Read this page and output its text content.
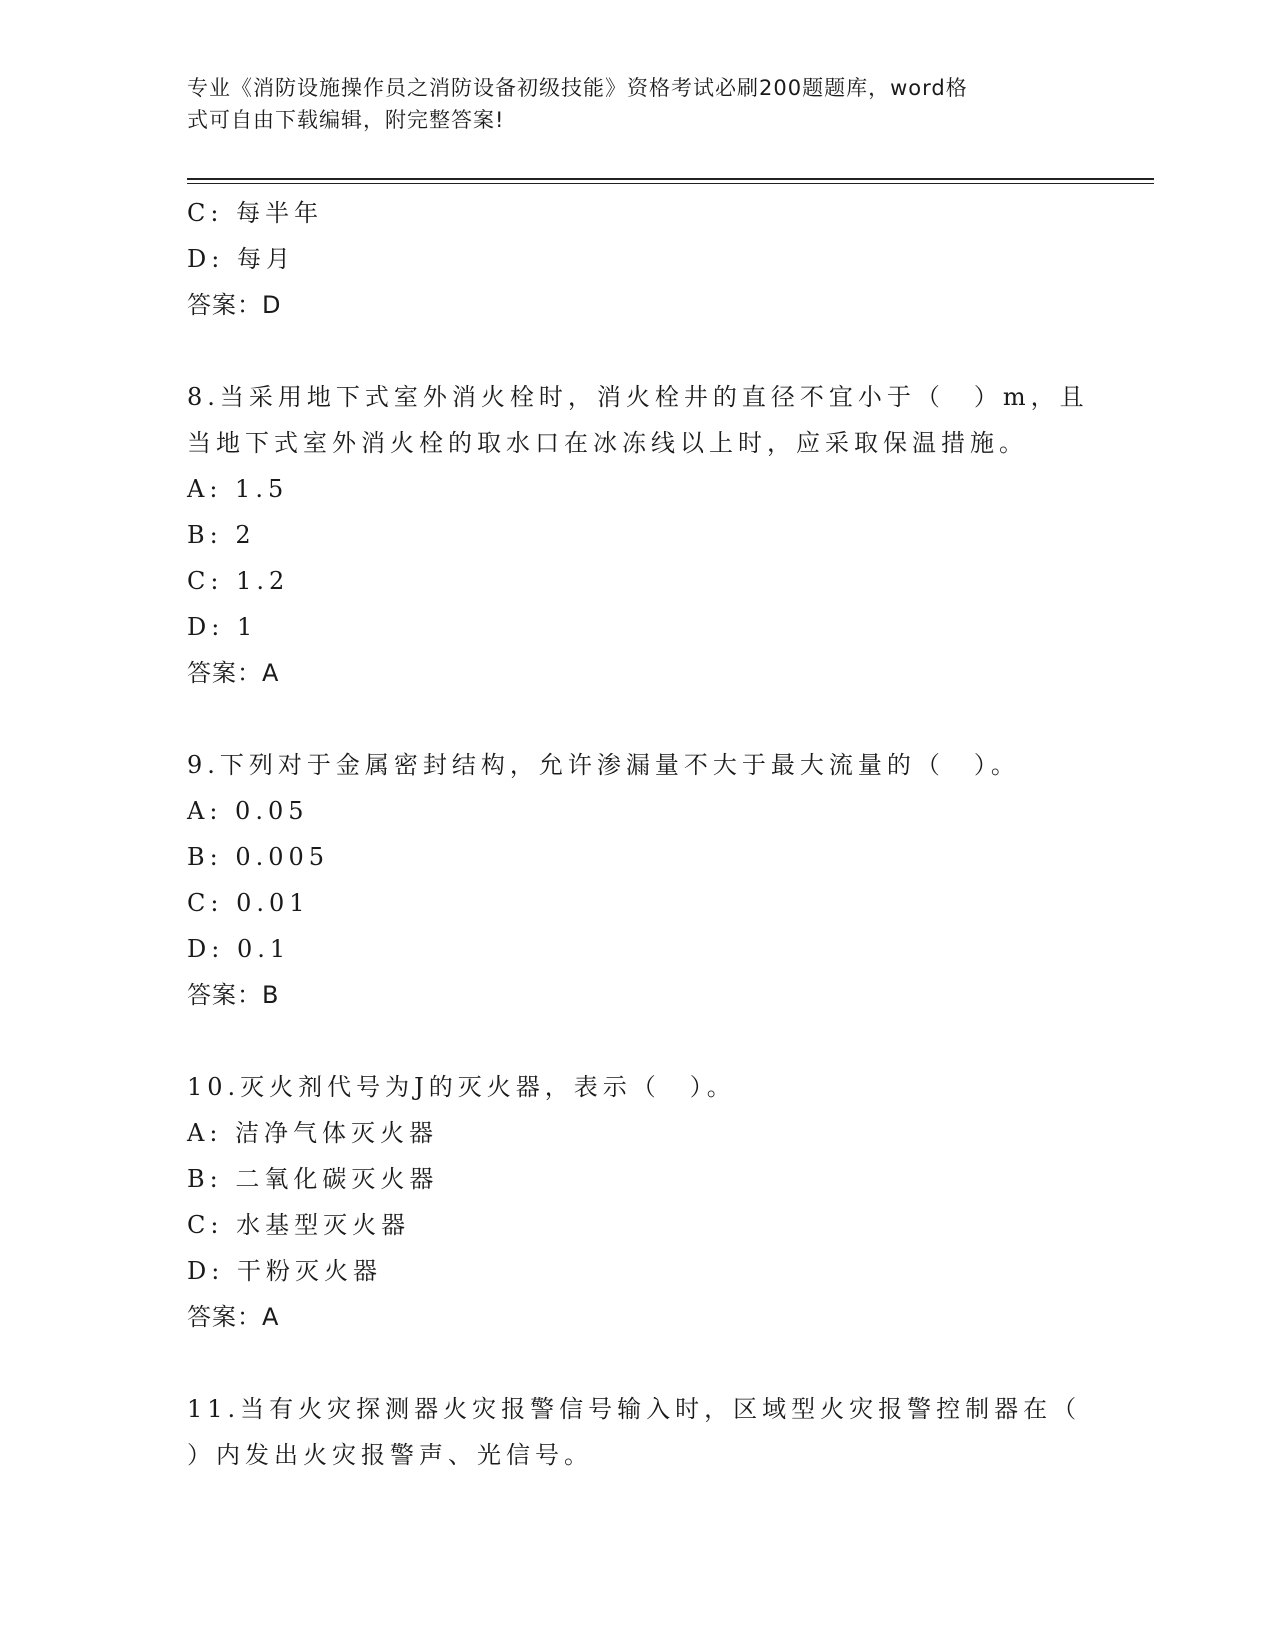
专业《消防设施操作员之消防设备初级技能》资格考试必刷200题题库，word格
式可自由下载编辑，附完整答案!
C: 每半年
D: 每月
答案：D
8.当采用地下式室外消火栓时，消火栓井的直径不宜小于（　）m，且
当地下式室外消火栓的取水口在冰冻线以上时，应采取保温措施。
A: 1.5
B: 2
C: 1.2
D: 1
答案：A
9.下列对于金属密封结构，允许渗漏量不大于最大流量的（　）。
A: 0.05
B: 0.005
C: 0.01
D: 0.1
答案：B
10.灭火剂代号为J的灭火器，表示（　）。
A: 洁净气体灭火器
B: 二氧化碳灭火器
C: 水基型灭火器
D: 干粉灭火器
答案：A
11.当有火灾探测器火灾报警信号输入时，区域型火灾报警控制器在（
）内发出火灾报警声、光信号。
